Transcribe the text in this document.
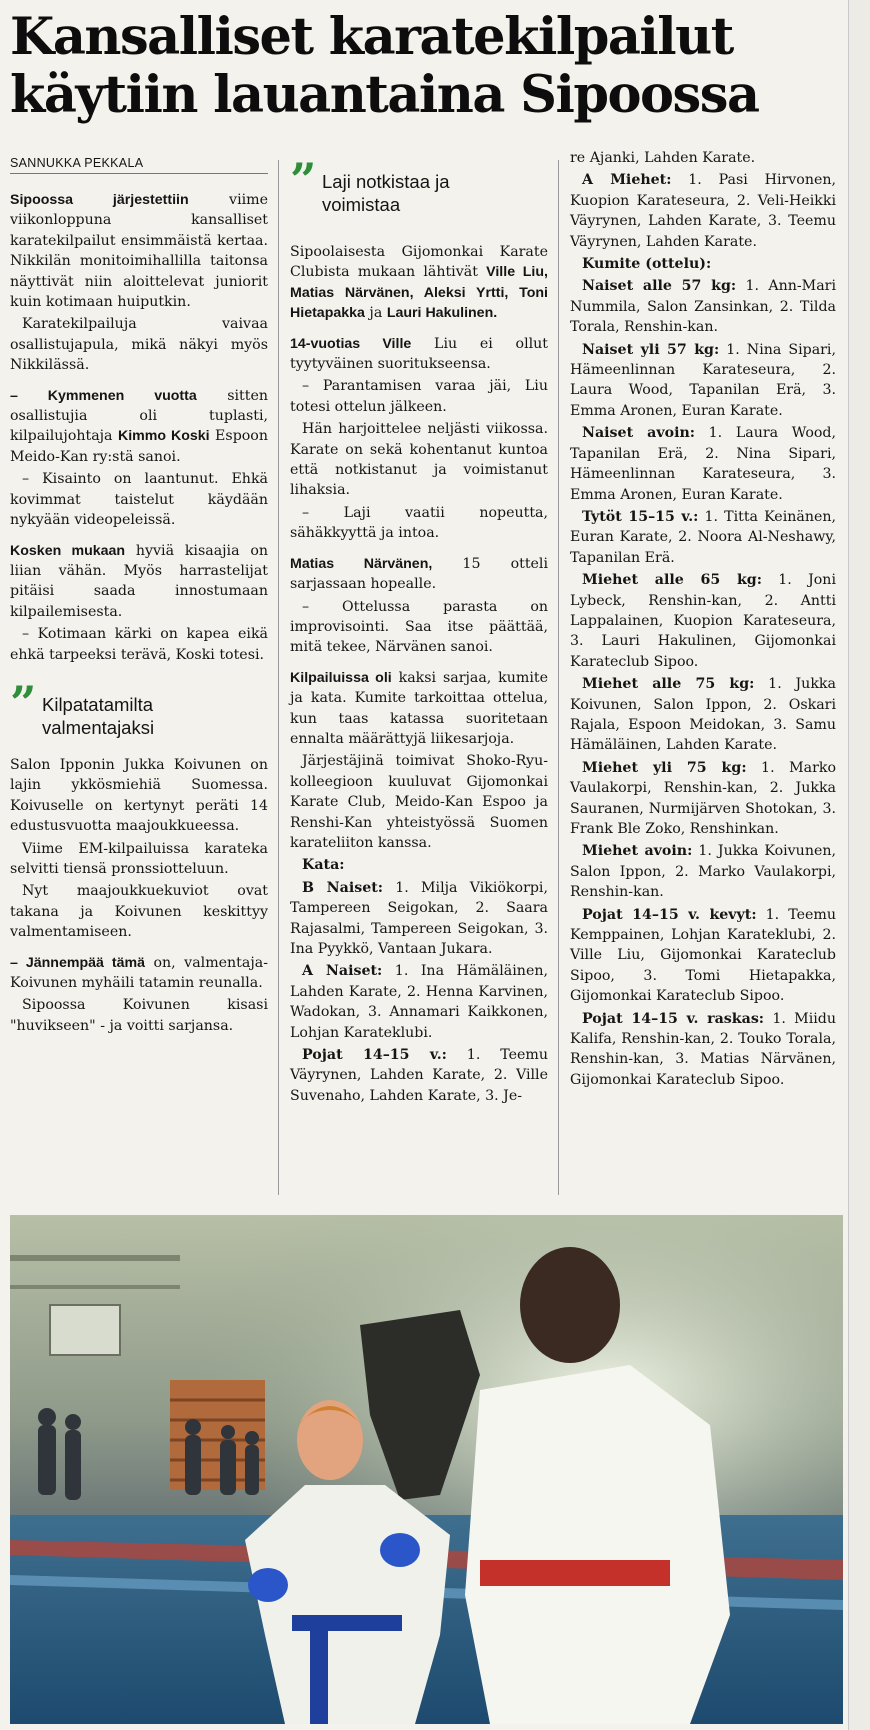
Kansalliset karatekilpailut käytiin lauantaina Sipoossa
SANNUKKA PEKKALA

Sipoossa järjestettiin viime viikonloppuna kansalliset karatekilpailut ensimmäistä kertaa. Nikkilän monitoimihallilla taitonsa näyttivät niin aloittelevat juniorit kuin kotimaan huiputkin.

Karatekilpailuja vaivaa osallistujapula, mikä näkyi myös Nikkilässä.

– Kymmenen vuotta sitten osallistujia oli tuplasti, kilpailujohtaja Kimmo Koski Espoon Meido-Kan ry:stä sanoi.

– Kisainto on laantunut. Ehkä kovimmat taistelut käydään nykyään videopeleissä.

Kosken mukaan hyviä kisaajia on liian vähän. Myös harrastelijat pitäisi saada innostumaan kilpailemisesta.

– Kotimaan kärki on kapea eikä ehkä tarpeeksi terävä, Koski totesi.

” Kilpatatamilta valmentajaksi

Salon Ipponin Jukka Koivunen on lajin ykkösmiehiä Suomessa. Koivuselle on kertynyt peräti 14 edustusvuotta maajoukkueessa.

Viime EM-kilpailuissa karateka selvitti tiensä pronssiotteluun.

Nyt maajoukkuekuviot ovat takana ja Koivunen keskittyy valmentamiseen.

– Jännempää tämä on, valmentaja-Koivunen myhäili tatamin reunalla.

Sipoossa Koivunen kisasi "huvikseen" - ja voitti sarjansa.

” Laji notkistaa ja voimistaa

Sipoolaisesta Gijomonkai Karate Clubista mukaan lähtivät Ville Liu, Matias Närvänen, Aleksi Yrtti, Toni Hietapakka ja Lauri Hakulinen.

14-vuotias Ville Liu ei ollut tyytyväinen suoritukseensa.

– Parantamisen varaa jäi, Liu totesi ottelun jälkeen.

Hän harjoittelee neljästi viikossa. Karate on sekä kohentanut kuntoa että notkistanut ja voimistanut lihaksia.

– Laji vaatii nopeutta, sähäkkyyttä ja intoa.

Matias Närvänen, 15 otteli sarjassaan hopealle.

– Ottelussa parasta on improvisointi. Saa itse päättää, mitä tekee, Närvänen sanoi.

Kilpailuissa oli kaksi sarjaa, kumite ja kata. Kumite tarkoittaa ottelua, kun taas katassa suoritetaan ennalta määrättyjä liikesarjoja.

Järjestäjinä toimivat Shoko-Ryu-kolleegioon kuuluvat Gijomonkai Karate Club, Meido-Kan Espoo ja Renshi-Kan yhteistyössä Suomen karateliiton kanssa.

Kata:

B Naiset: 1. Milja Vikiökorpi, Tampereen Seigokan, 2. Saara Rajasalmi, Tampereen Seigokan, 3. Ina Pyykkö, Vantaan Jukara.

A Naiset: 1. Ina Hämäläinen, Lahden Karate, 2. Henna Karvinen, Wadokan, 3. Annamari Kaikkonen, Lohjan Karateklubi.

Pojat 14–15 v.: 1. Teemu Väyrynen, Lahden Karate, 2. Ville Suvenaho, Lahden Karate, 3. Je-

re Ajanki, Lahden Karate.

A Miehet: 1. Pasi Hirvonen, Kuopion Karateseura, 2. Veli-Heikki Väyrynen, Lahden Karate, 3. Teemu Väyrynen, Lahden Karate.

Kumite (ottelu):

Naiset alle 57 kg: 1. Ann-Mari Nummila, Salon Zansinkan, 2. Tilda Torala, Renshin-kan.

Naiset yli 57 kg: 1. Nina Sipari, Hämeenlinnan Karateseura, 2. Laura Wood, Tapanilan Erä, 3. Emma Aronen, Euran Karate.

Naiset avoin: 1. Laura Wood, Tapanilan Erä, 2. Nina Sipari, Hämeenlinnan Karateseura, 3. Emma Aronen, Euran Karate.

Tytöt 15–15 v.: 1. Titta Keinänen, Euran Karate, 2. Noora Al-Neshawy, Tapanilan Erä.

Miehet alle 65 kg: 1. Joni Lybeck, Renshin-kan, 2. Antti Lappalainen, Kuopion Karateseura, 3. Lauri Hakulinen, Gijomonkai Karateclub Sipoo.

Miehet alle 75 kg: 1. Jukka Koivunen, Salon Ippon, 2. Oskari Rajala, Espoon Meidokan, 3. Samu Hämäläinen, Lahden Karate.

Miehet yli 75 kg: 1. Marko Vaulakorpi, Renshin-kan, 2. Jukka Sauranen, Nurmijärven Shotokan, 3. Frank Ble Zoko, Renshinkan.

Miehet avoin: 1. Jukka Koivunen, Salon Ippon, 2. Marko Vaulakorpi, Renshin-kan.

Pojat 14–15 v. kevyt: 1. Teemu Kemppainen, Lohjan Karateklubi, 2. Ville Liu, Gijomonkai Karateclub Sipoo, 3. Tomi Hietapakka, Gijomonkai Karateclub Sipoo.

Pojat 14–15 v. raskas: 1. Miidu Kalifa, Renshin-kan, 2. Touko Torala, Renshin-kan, 3. Matias Närvänen, Gijomonkai Karateclub Sipoo.
